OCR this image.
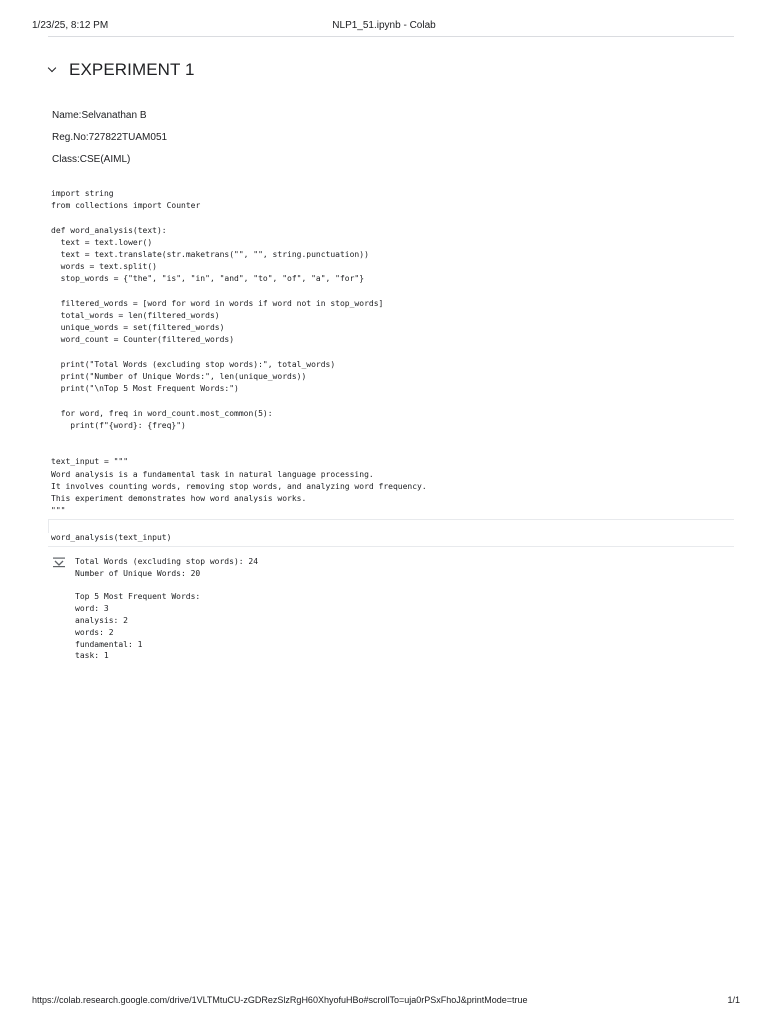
1/23/25, 8:12 PM	NLP1_51.ipynb - Colab
EXPERIMENT 1
Name:Selvanathan B
Reg.No:727822TUAM051
Class:CSE(AIML)
import string
from collections import Counter

def word_analysis(text):
text = text.lower()
text = text.translate(str.maketrans("", "", string.punctuation))
words = text.split()
stop_words = {"the", "is", "in", "and", "to", "of", "a", "for"}

filtered_words = [word for word in words if word not in stop_words]
total_words = len(filtered_words)
unique_words = set(filtered_words)
word_count = Counter(filtered_words)

print("Total Words (excluding stop words):", total_words)
print("Number of Unique Words:", len(unique_words))
print("\nTop 5 Most Frequent Words:")

for word, freq in word_count.most_common(5):
print(f"{word}: {freq}")

text_input = """
Word analysis is a fundamental task in natural language processing.
It involves counting words, removing stop words, and analyzing word frequency.
This experiment demonstrates how word analysis works.
"""
word_analysis(text_input)
Total Words (excluding stop words): 24
Number of Unique Words: 20

Top 5 Most Frequent Words:
word: 3
analysis: 2
words: 2
fundamental: 1
task: 1
https://colab.research.google.com/drive/1VLTMtuCU-zGDRezSlzRgH60XhyofuHBo#scrollTo=uja0rPSxFhoJ&printMode=true	1/1
